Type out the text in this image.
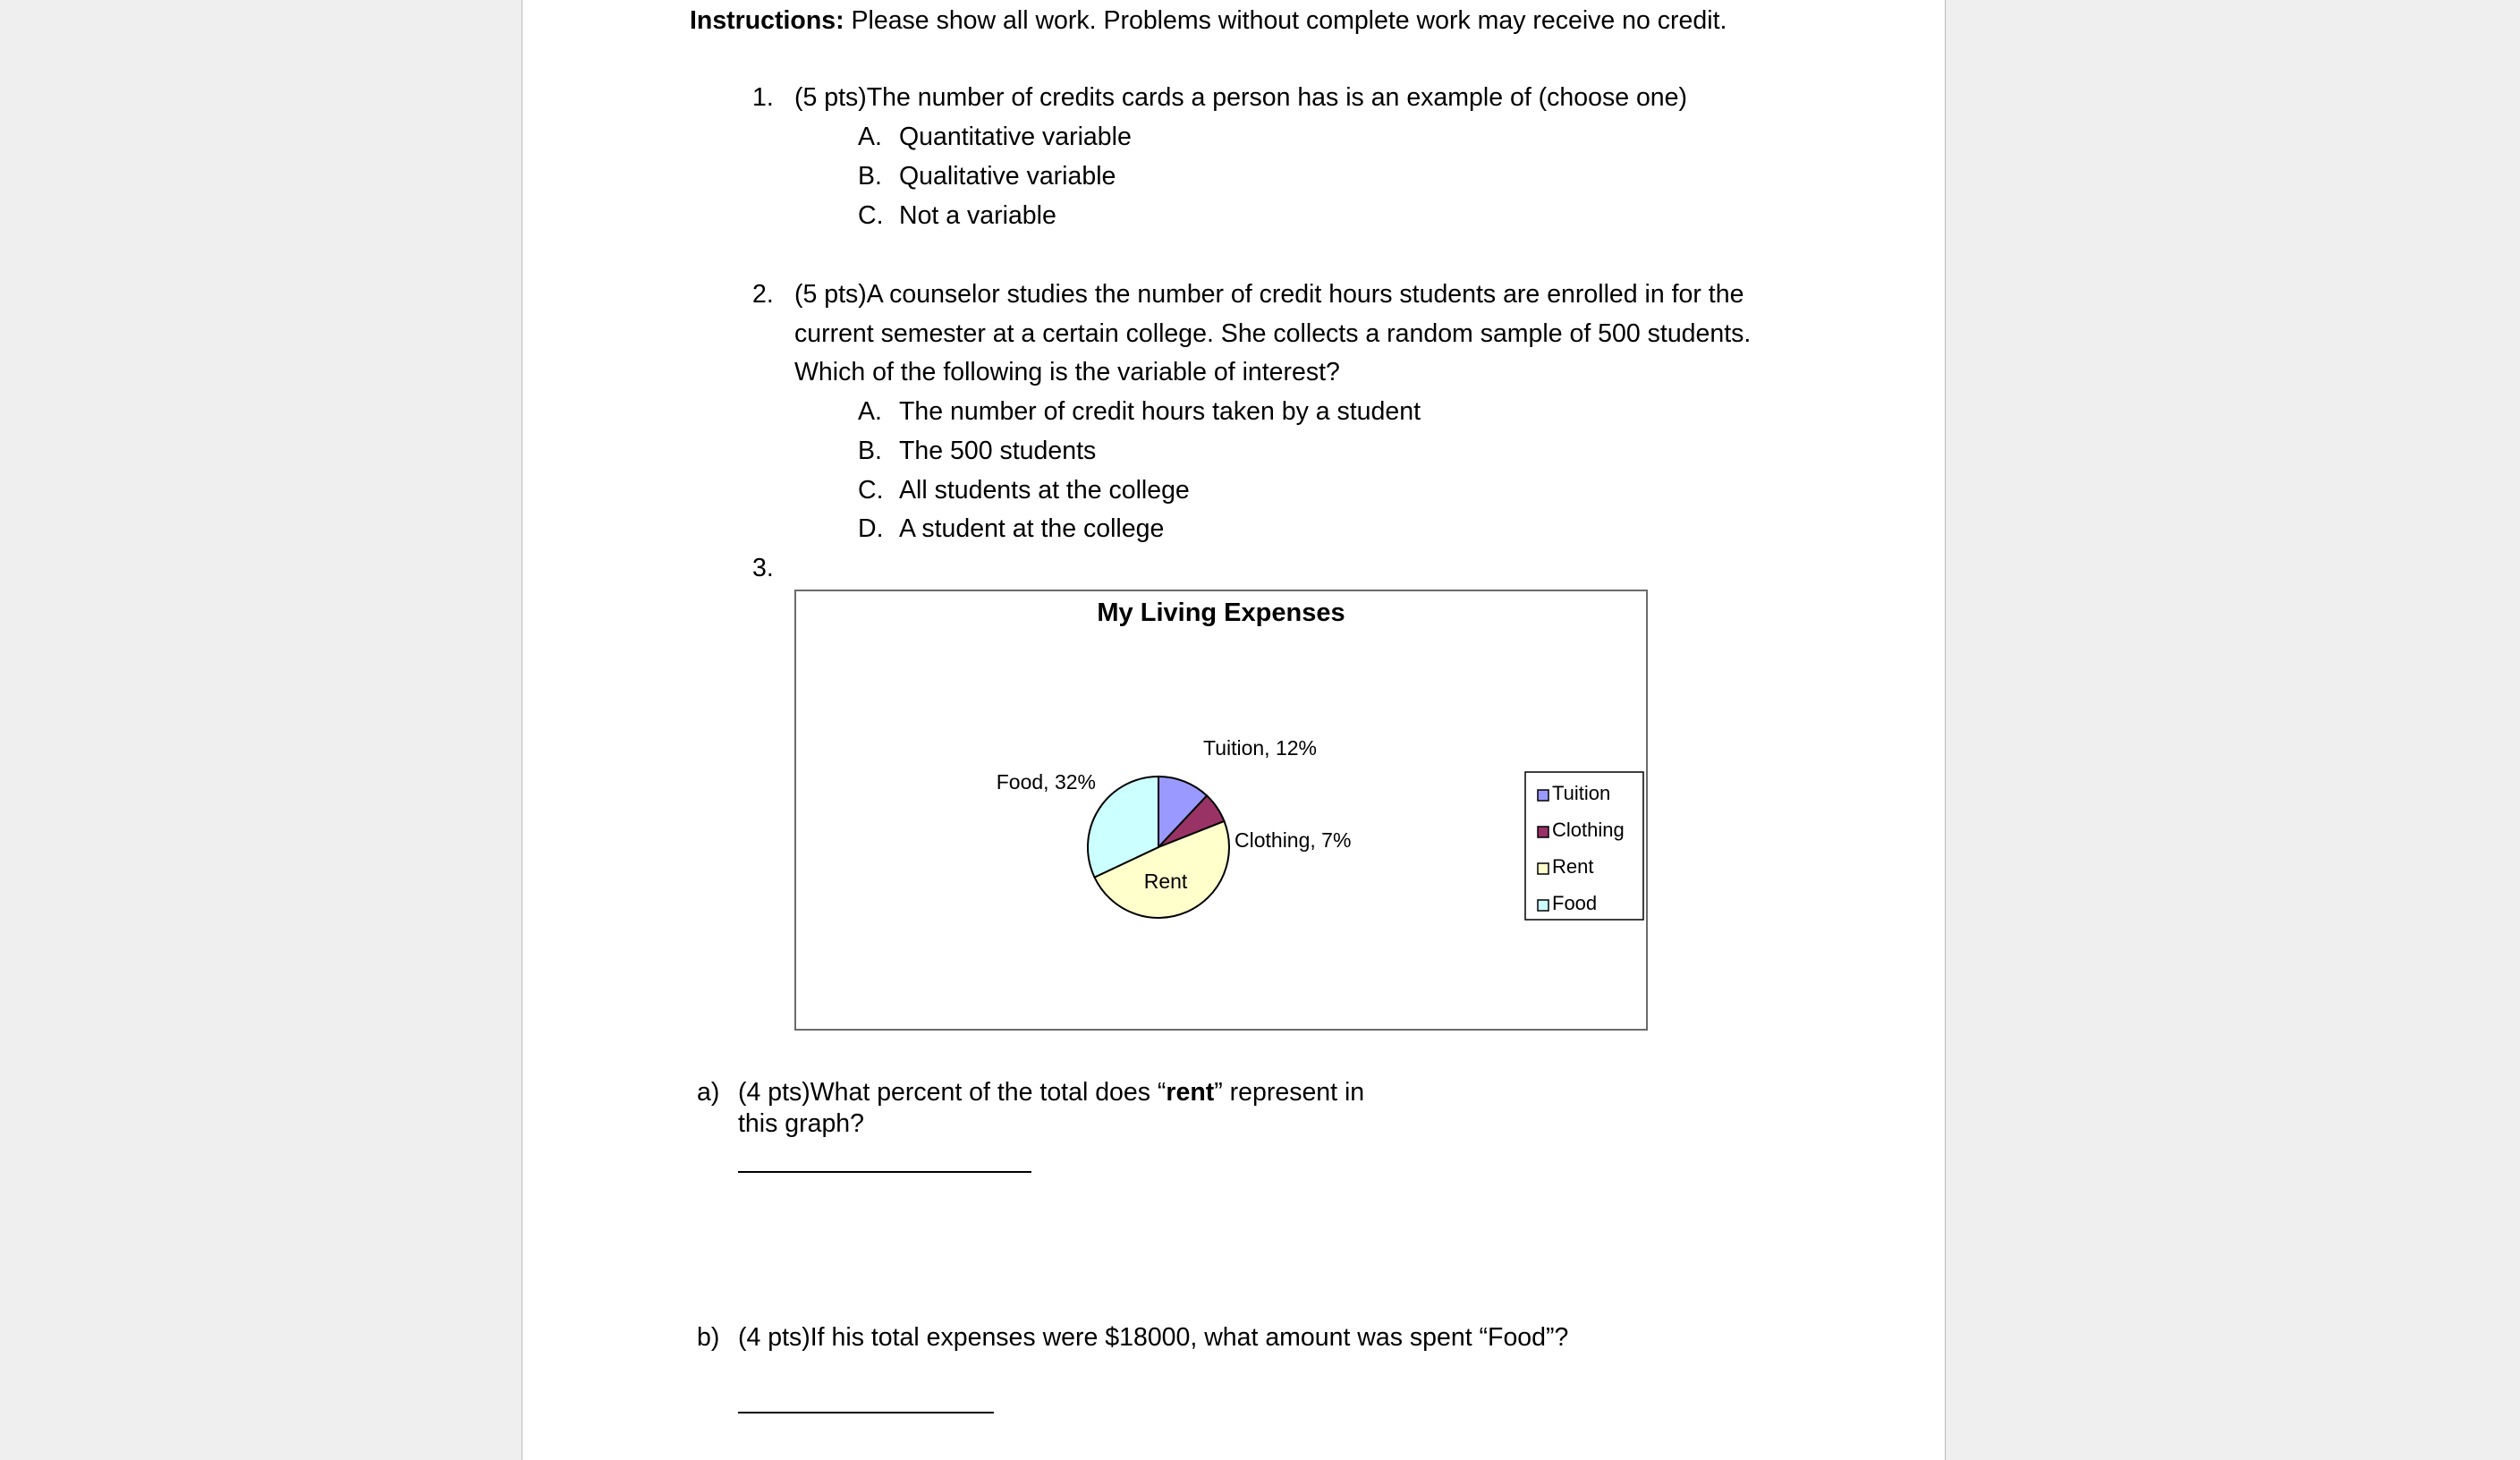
Instructions: Please show all work. Problems without complete work may receive no credit.
1. (5 pts)The number of credits cards a person has is an example of (choose one)
A. Quantitative variable
B. Qualitative variable
C. Not a variable
2. (5 pts)A counselor studies the number of credit hours students are enrolled in for the
current semester at a certain college. She collects a random sample of 500 students.
Which of the following is the variable of interest?
A. The number of credit hours taken by a student
B. The 500 students
C. All students at the college
D. A student at the college
3.
My Living Expenses
Tuition, 12%
Clothing, 7%
Rent
Food, 32%	Tuition
Clothing
Rent
Food
a) (4 pts)What percent of the total does “rent” represent in
this graph?
b) (4 pts)If his total expenses were $18000, what amount was spent “Food”?
